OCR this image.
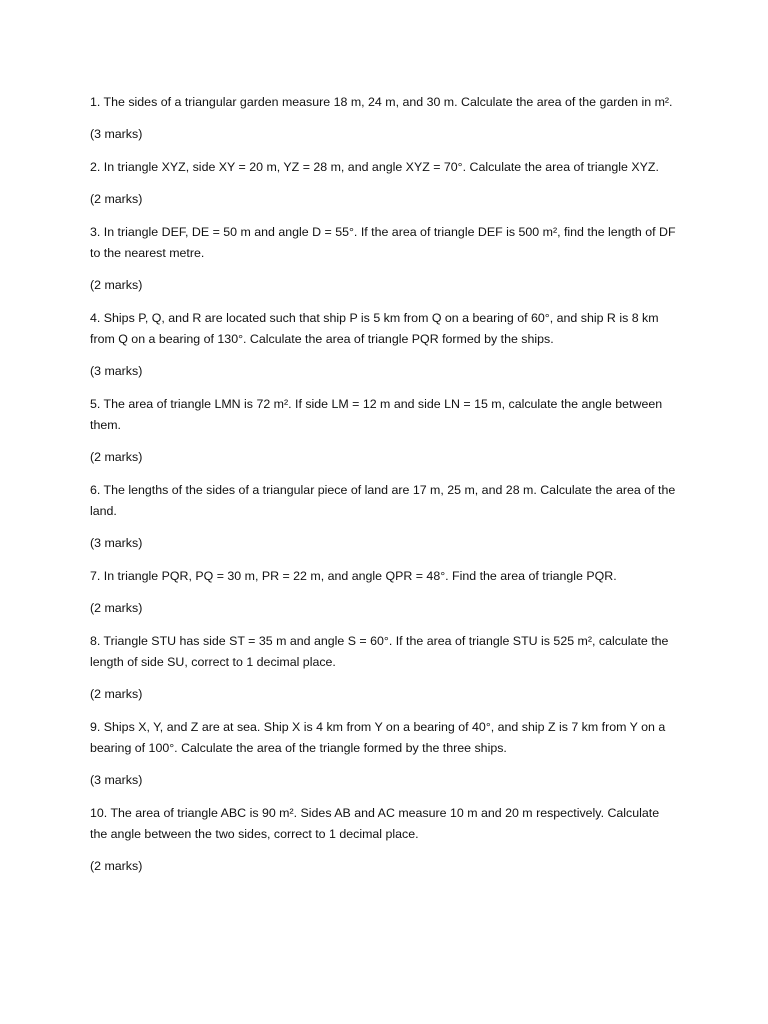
1. The sides of a triangular garden measure 18 m, 24 m, and 30 m. Calculate the area of the garden in m².

(3 marks)

2. In triangle XYZ, side XY = 20 m, YZ = 28 m, and angle XYZ = 70°. Calculate the area of triangle XYZ.

(2 marks)

3. In triangle DEF, DE = 50 m and angle D = 55°. If the area of triangle DEF is 500 m², find the length of DF to the nearest metre.

(2 marks)

4. Ships P, Q, and R are located such that ship P is 5 km from Q on a bearing of 60°, and ship R is 8 km from Q on a bearing of 130°. Calculate the area of triangle PQR formed by the ships.

(3 marks)

5. The area of triangle LMN is 72 m². If side LM = 12 m and side LN = 15 m, calculate the angle between them.

(2 marks)

6. The lengths of the sides of a triangular piece of land are 17 m, 25 m, and 28 m. Calculate the area of the land.

(3 marks)

7. In triangle PQR, PQ = 30 m, PR = 22 m, and angle QPR = 48°. Find the area of triangle PQR.

(2 marks)

8. Triangle STU has side ST = 35 m and angle S = 60°. If the area of triangle STU is 525 m², calculate the length of side SU, correct to 1 decimal place.

(2 marks)

9. Ships X, Y, and Z are at sea. Ship X is 4 km from Y on a bearing of 40°, and ship Z is 7 km from Y on a bearing of 100°. Calculate the area of the triangle formed by the three ships.

(3 marks)

10. The area of triangle ABC is 90 m². Sides AB and AC measure 10 m and 20 m respectively. Calculate the angle between the two sides, correct to 1 decimal place.

(2 marks)
